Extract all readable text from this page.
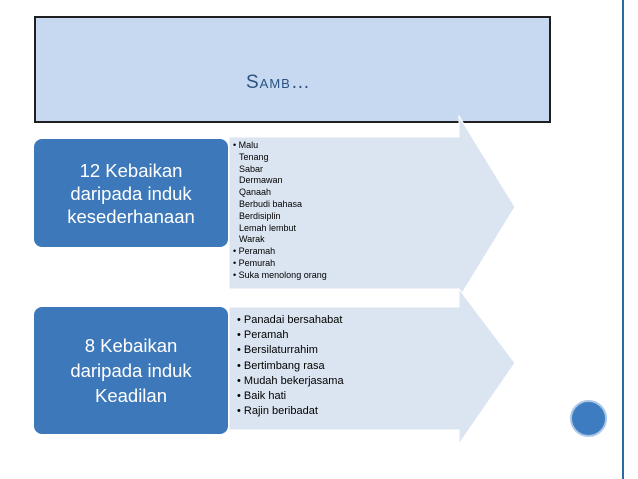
Samb…
12 Kebaikan
daripada induk
kesederhanaan
• Malu
Tenang
Sabar
Dermawan
Qanaah
Berbudi bahasa
Berdisiplin
Lemah lembut
Warak
• Peramah
• Pemurah
• Suka menolong orang
8 Kebaikan
daripada induk
Keadilan
• Panadai bersahabat
• Peramah
• Bersilaturrahim
• Bertimbang rasa
• Mudah bekerjasama
• Baik hati
• Rajin beribadat
